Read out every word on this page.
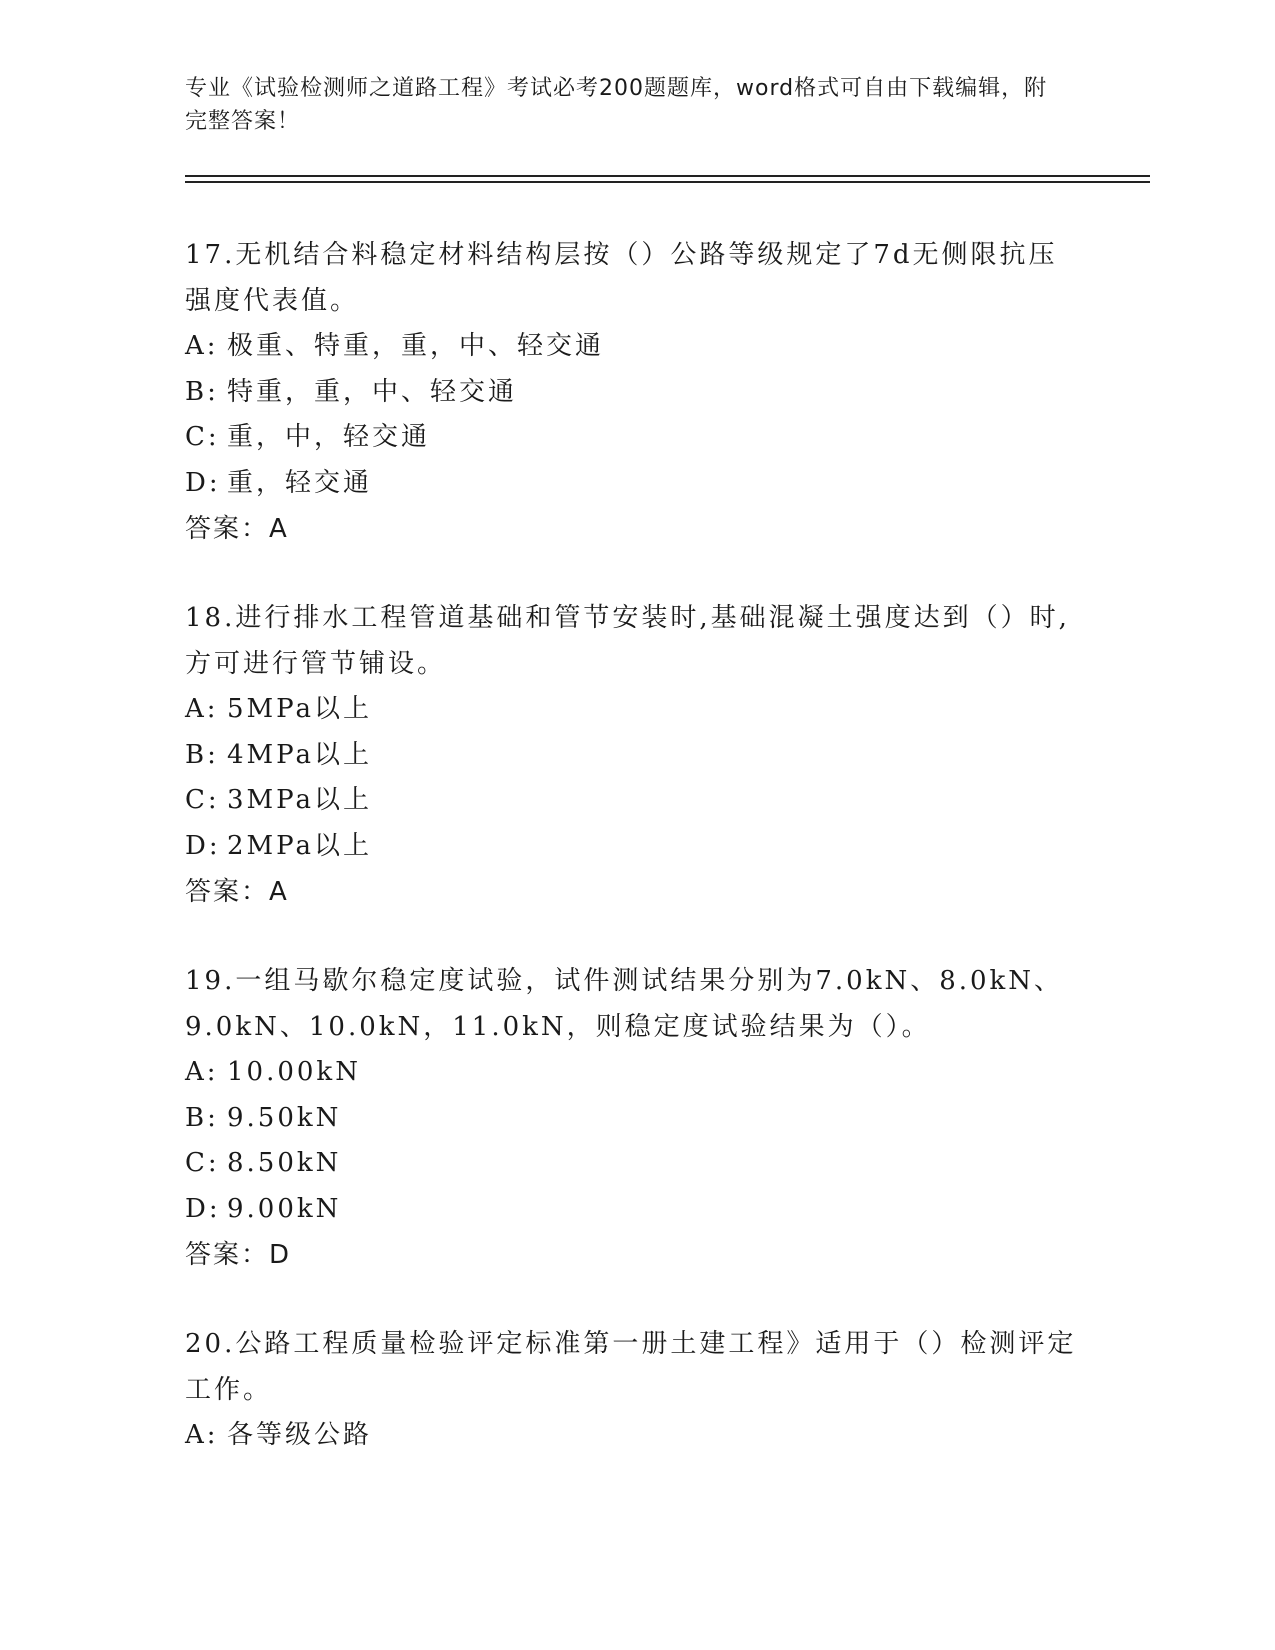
专业《试验检测师之道路工程》考试必考200题题库，word格式可自由下载编辑，附完整答案！

17.无机结合料稳定材料结构层按（）公路等级规定了7d无侧限抗压强度代表值。

A: 极重、特重，重，中、轻交通

B: 特重，重，中、轻交通

C: 重，中，轻交通

D: 重，轻交通

答案：A

18.进行排水工程管道基础和管节安装时,基础混凝土强度达到（）时,方可进行管节铺设。

A: 5MPa以上

B: 4MPa以上

C: 3MPa以上

D: 2MPa以上

答案：A

19.一组马歇尔稳定度试验，试件测试结果分别为7.0kN、8.0kN、9.0kN、10.0kN，11.0kN，则稳定度试验结果为（）。

A: 10.00kN

B: 9.50kN

C: 8.50kN

D: 9.00kN

答案：D

20.公路工程质量检验评定标准第一册土建工程》适用于（）检测评定工作。

A: 各等级公路
